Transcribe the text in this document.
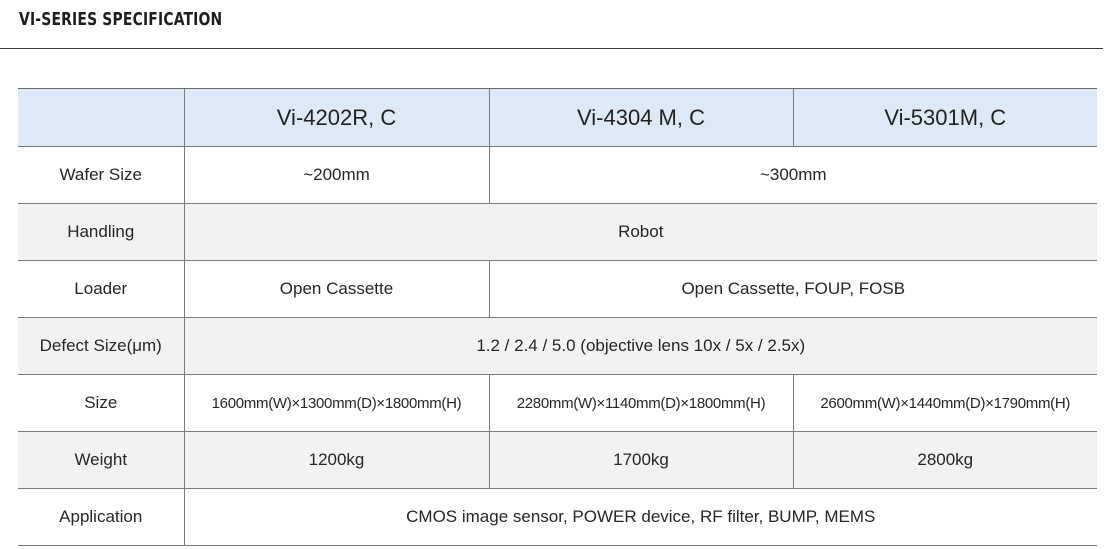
VI-SERIES SPECIFICATION
	Vi-4202R, C	Vi-4304 M, C	Vi-5301M, C
Wafer Size	~200mm	~300mm	
Handling	Robot		
Loader	Open Cassette	Open Cassette, FOUP, FOSB	
Defect Size(μm)	1.2 / 2.4 / 5.0 (objective lens 10x / 5x / 2.5x)		
Size	1600mm(W)×1300mm(D)×1800mm(H)	2280mm(W)×1140mm(D)×1800mm(H)	2600mm(W)×1440mm(D)×1790mm(H)
Weight	1200kg	1700kg	2800kg
Application	CMOS image sensor, POWER device, RF filter, BUMP, MEMS		
